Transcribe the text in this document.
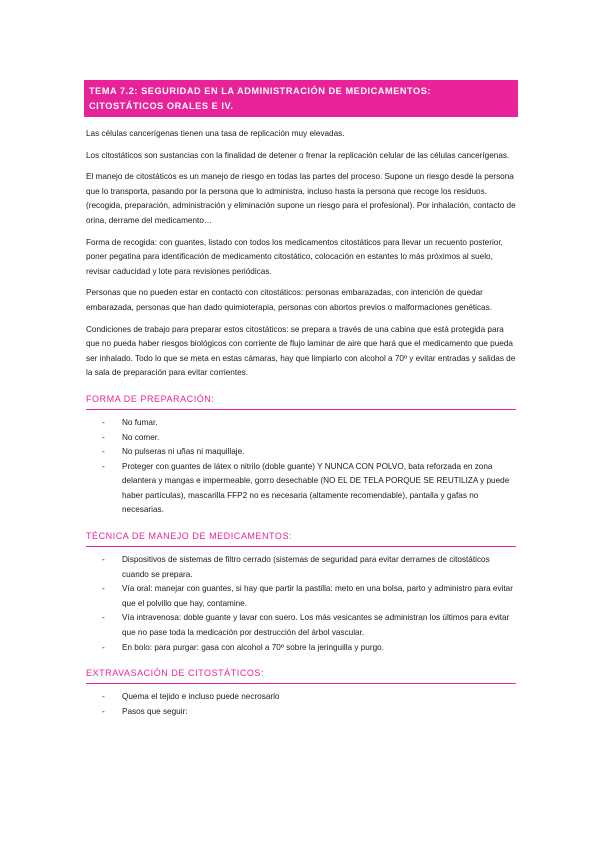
TEMA 7.2: SEGURIDAD EN LA ADMINISTRACIÓN DE MEDICAMENTOS:
CITOSTÁTICOS ORALES E IV.

Las células cancerígenas tienen una tasa de replicación muy elevadas.

Los citostáticos son sustancias con la finalidad de detener o frenar la replicación celular de las células cancerígenas.

El manejo de citostáticos es un manejo de riesgo en todas las partes del proceso. Supone un riesgo desde la persona que lo transporta, pasando por la persona que lo administra, incluso hasta la persona que recoge los residuos. (recogida, preparación, administración y eliminación supone un riesgo para el profesional). Por inhalación, contacto de orina, derrame del medicamento…

Forma de recogida: con guantes, listado con todos los medicamentos citostáticos para llevar un recuento posterior, poner pegatina para identificación de medicamento citostático, colocación en estantes lo más próximos al suelo, revisar caducidad y lote para revisiones periódicas.

Personas que no pueden estar en contacto con citostáticos: personas embarazadas, con intención de quedar embarazada, personas que han dado quimioterapia, personas con abortos previos o malformaciones genéticas.

Condiciones de trabajo para preparar estos citostáticos: se prepara a través de una cabina que está protegida para que no pueda haber riesgos biológicos con corriente de flujo laminar de aire que hará que el medicamento que pueda ser inhalado. Todo lo que se meta en estas cámaras, hay que limpiarlo con alcohol a 70º y evitar entradas y salidas de la sala de preparación para evitar corrientes.

FORMA DE PREPARACIÓN:
- No fumar.
- No comer.
- No pulseras ni uñas ni maquillaje.
- Proteger con guantes de látex o nitrilo (doble guante) Y NUNCA CON POLVO, bata reforzada en zona delantera y mangas e impermeable, gorro desechable (NO EL DE TELA PORQUE SE REUTILIZA y puede haber partículas), mascarilla FFP2 no es necesaria (altamente recomendable), pantalla y gafas no necesarias.
TÉCNICA DE MANEJO DE MEDICAMENTOS:
- Dispositivos de sistemas de filtro cerrado (sistemas de seguridad para evitar derrames de citostáticos cuando se prepara.
- Vía oral: manejar con guantes, si hay que partir la pastilla: meto en una bolsa, parto y administro para evitar que el polvillo que hay, contamine.
- Vía intravenosa: doble guante y lavar con suero. Los más vesicantes se administran los últimos para evitar que no pase toda la medicación por destrucción del árbol vascular.
- En bolo: para purgar: gasa con alcohol a 70º sobre la jeringuilla y purgo.
EXTRAVASACIÓN DE CITOSTÁTICOS:
- Quema el tejido e incluso puede necrosarlo
- Pasos que seguir:
